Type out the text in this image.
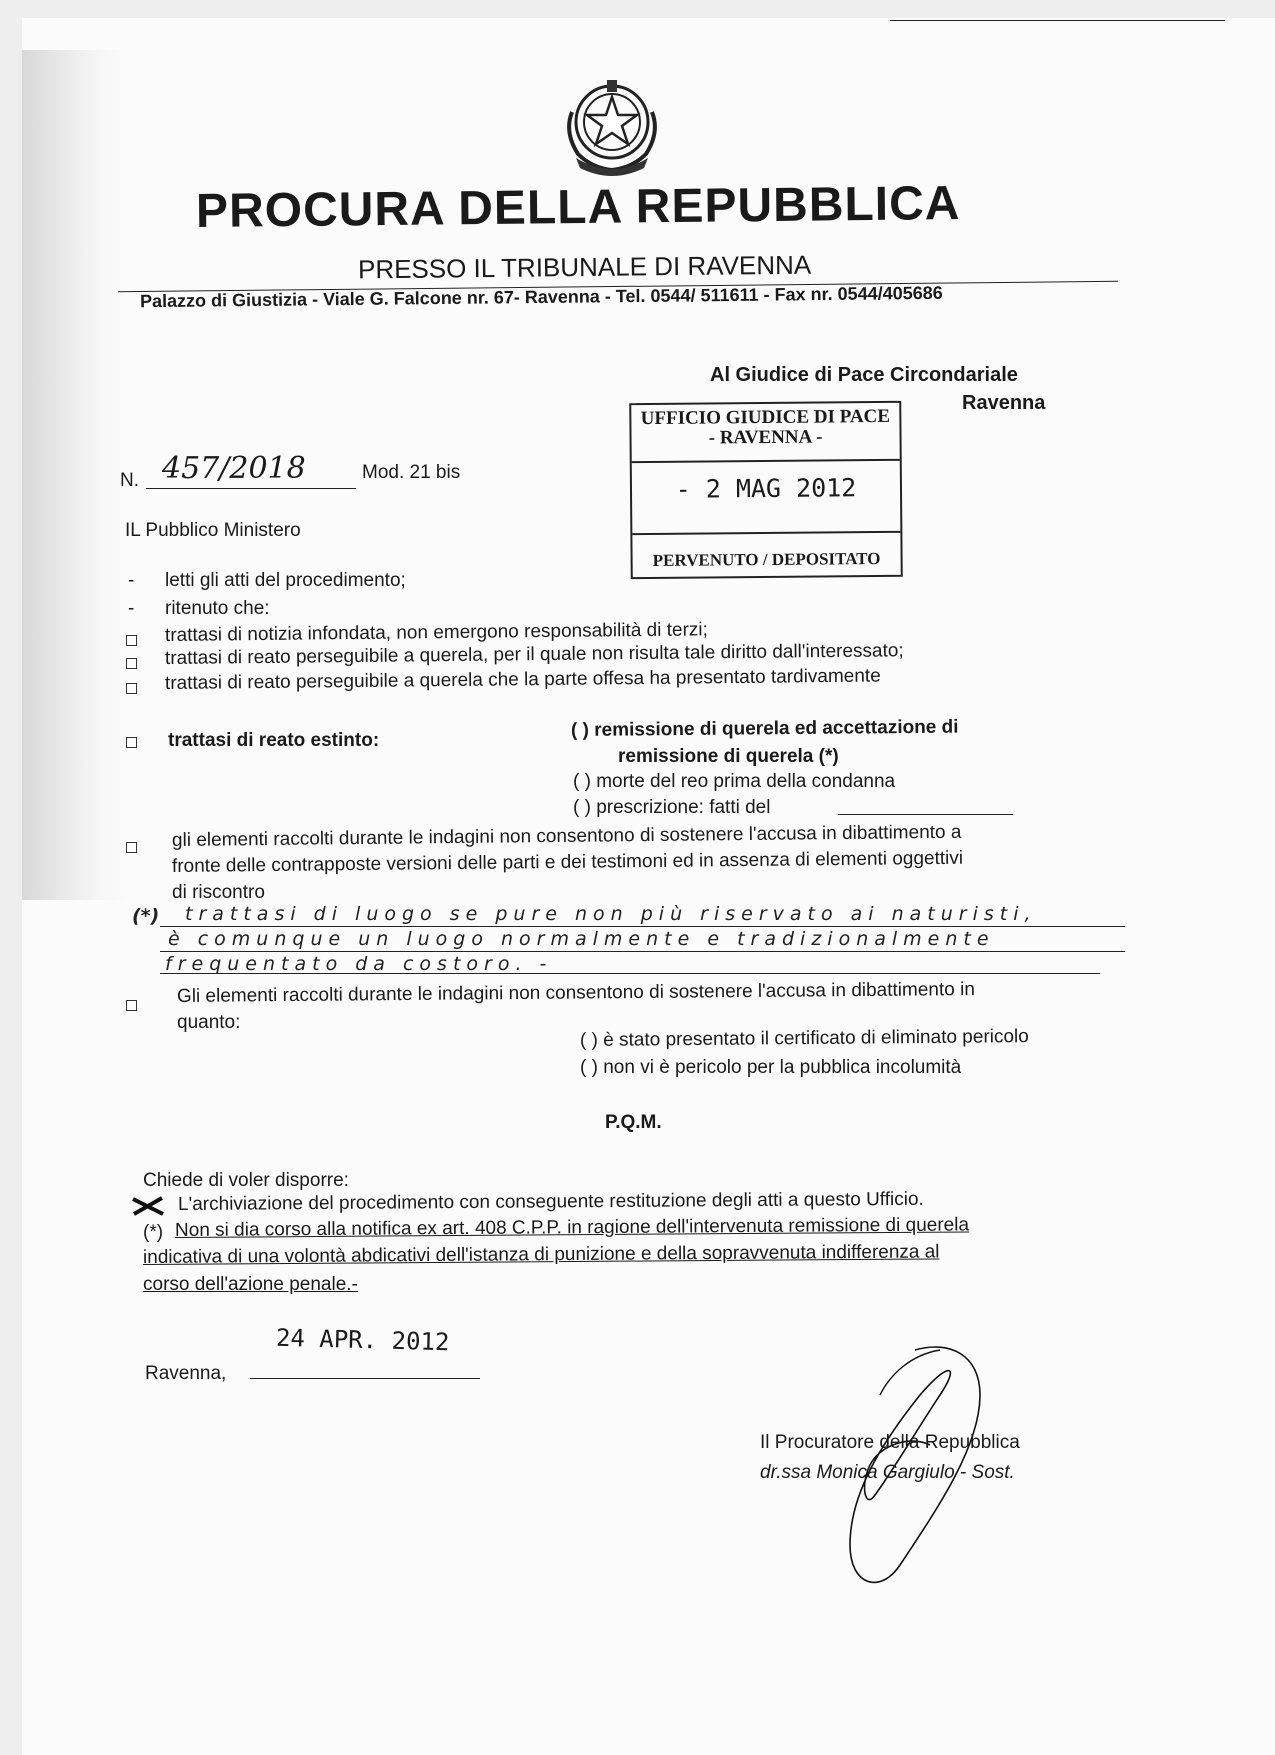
PROCURA DELLA REPUBBLICA
PRESSO IL TRIBUNALE DI RAVENNA
Palazzo di Giustizia - Viale G. Falcone nr. 67- Ravenna - Tel. 0544/ 511611 - Fax nr. 0544/405686
Al Giudice di Pace Circondariale
Ravenna
UFFICIO GIUDICE DI PACE
- RAVENNA -
- 2 MAG 2012
PERVENUTO / DEPOSITATO
N. 457/2018	Mod. 21 bis
IL Pubblico Ministero
- letti gli atti del procedimento;
- ritenuto che:
trattasi di notizia infondata, non emergono responsabilità di terzi;
trattasi di reato perseguibile a querela, per il quale non risulta tale diritto dall'interessato;
trattasi di reato perseguibile a querela che la parte offesa ha presentato tardivamente
trattasi di reato estinto:	( ) remissione di querela ed accettazione di
remissione di querela (*)
( ) morte del reo prima della condanna
( ) prescrizione: fatti del
gli elementi raccolti durante le indagini non consentono di sostenere l'accusa in dibattimento a
fronte delle contrapposte versioni delle parti e dei testimoni ed in assenza di elementi oggettivi
di riscontro
(*) trattasi di luogo se pure non più riservato ai naturisti,
è comunque un luogo normalmente e tradizionalmente
frequentato da costoro. -
Gli elementi raccolti durante le indagini non consentono di sostenere l'accusa in dibattimento in
quanto:
( ) è stato presentato il certificato di eliminato pericolo
( ) non vi è pericolo per la pubblica incolumità
P.Q.M.
Chiede di voler disporre:
L'archiviazione del procedimento con conseguente restituzione degli atti a questo Ufficio.
(*) Non si dia corso alla notifica ex art. 408 C.P.P. in ragione dell'intervenuta remissione di querela
indicativa di una volontà abdicativi dell'istanza di punizione e della sopravvenuta indifferenza al
corso dell'azione penale.-
24 APR. 2012
Ravenna,
Il Procuratore della Repubblica
dr.ssa Monica Gargiulo - Sost.
